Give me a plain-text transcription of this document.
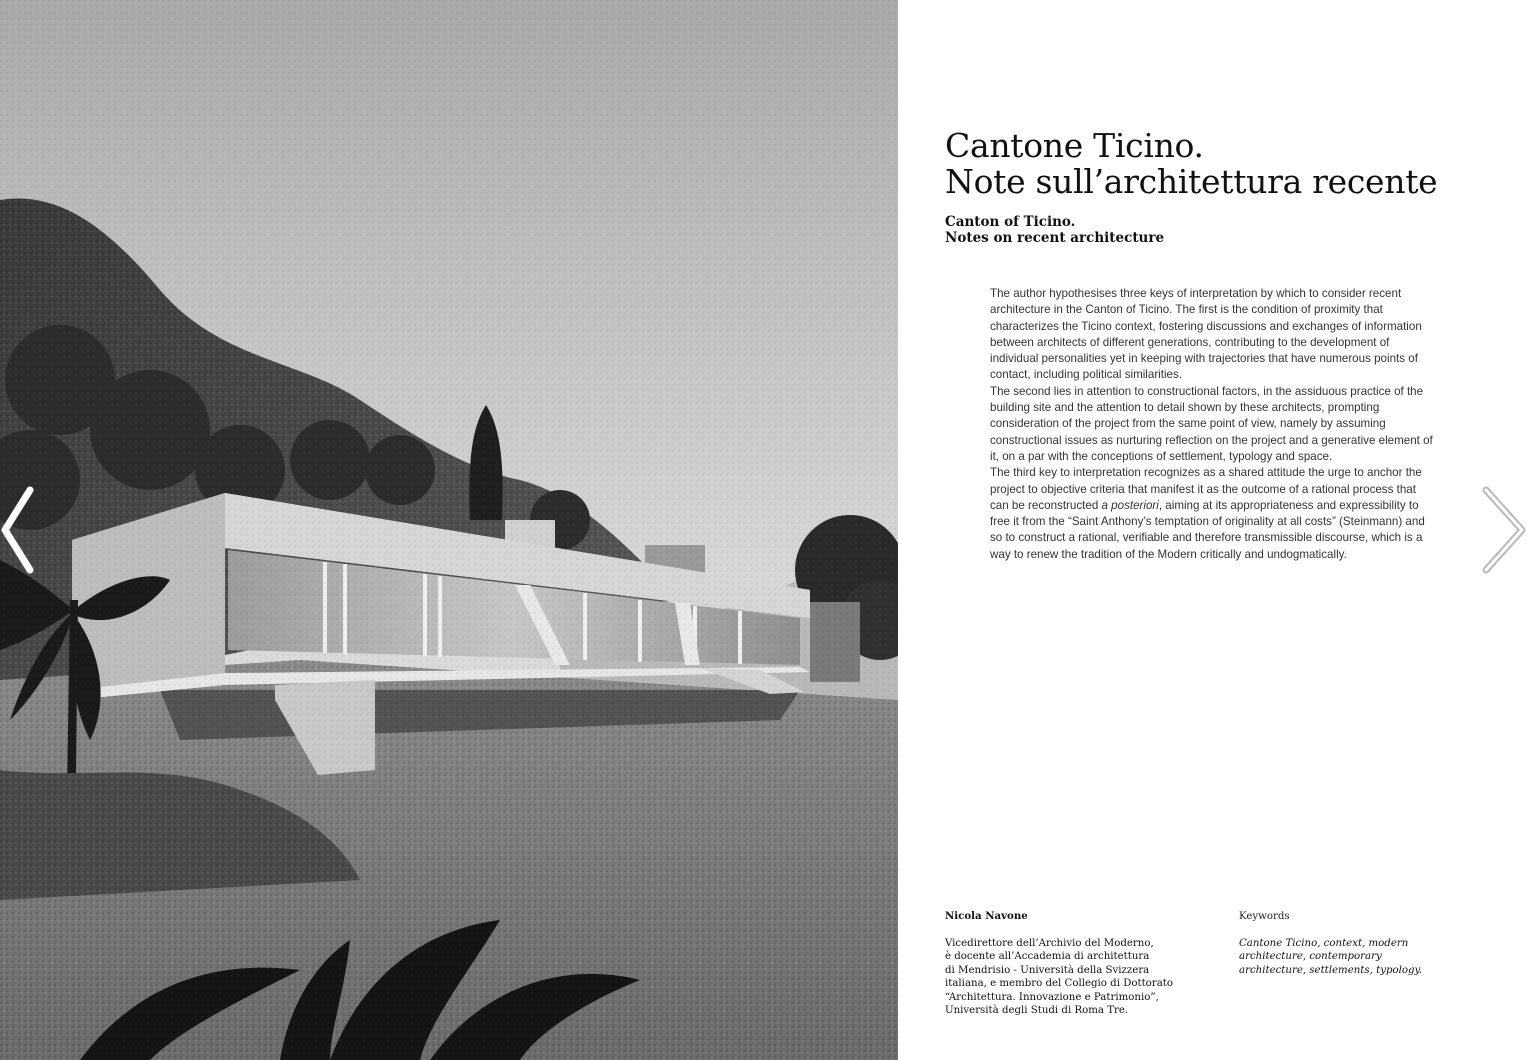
Cantone Ticino.
Note sull’architettura recente
Canton of Ticino.
Notes on recent architecture

The author hypothesises three keys of interpretation by which to consider recent architecture in the Canton of Ticino. The first is the condition of proximity that characterizes the Ticino context, fostering discussions and exchanges of information between architects of different generations, contributing to the development of individual personalities yet in keeping with trajectories that have numerous points of contact, including political similarities.

The second lies in attention to constructional factors, in the assiduous practice of the building site and the attention to detail shown by these architects, prompting consideration of the project from the same point of view, namely by assuming constructional issues as nurturing reflection on the project and a generative element of it, on a par with the conceptions of settlement, typology and space.

The third key to interpretation recognizes as a shared attitude the urge to anchor the project to objective criteria that manifest it as the outcome of a rational process that can be reconstructed a posteriori, aiming at its appropriateness and expressibility to free it from the “Saint Anthony’s temptation of originality at all costs” (Steinmann) and so to construct a rational, verifiable and therefore transmissible discourse, which is a way to renew the tradition of the Modern critically and undogmatically.

Nicola Navone

Vicedirettore dell’Archivio del Moderno,
è docente all’Accademia di architettura
di Mendrisio - Università della Svizzera
italiana, e membro del Collegio di Dottorato
“Architettura. Innovazione e Patrimonio”,
Università degli Studi di Roma Tre.

Keywords

Cantone Ticino, context, modern
architecture, contemporary
architecture, settlements, typology.
